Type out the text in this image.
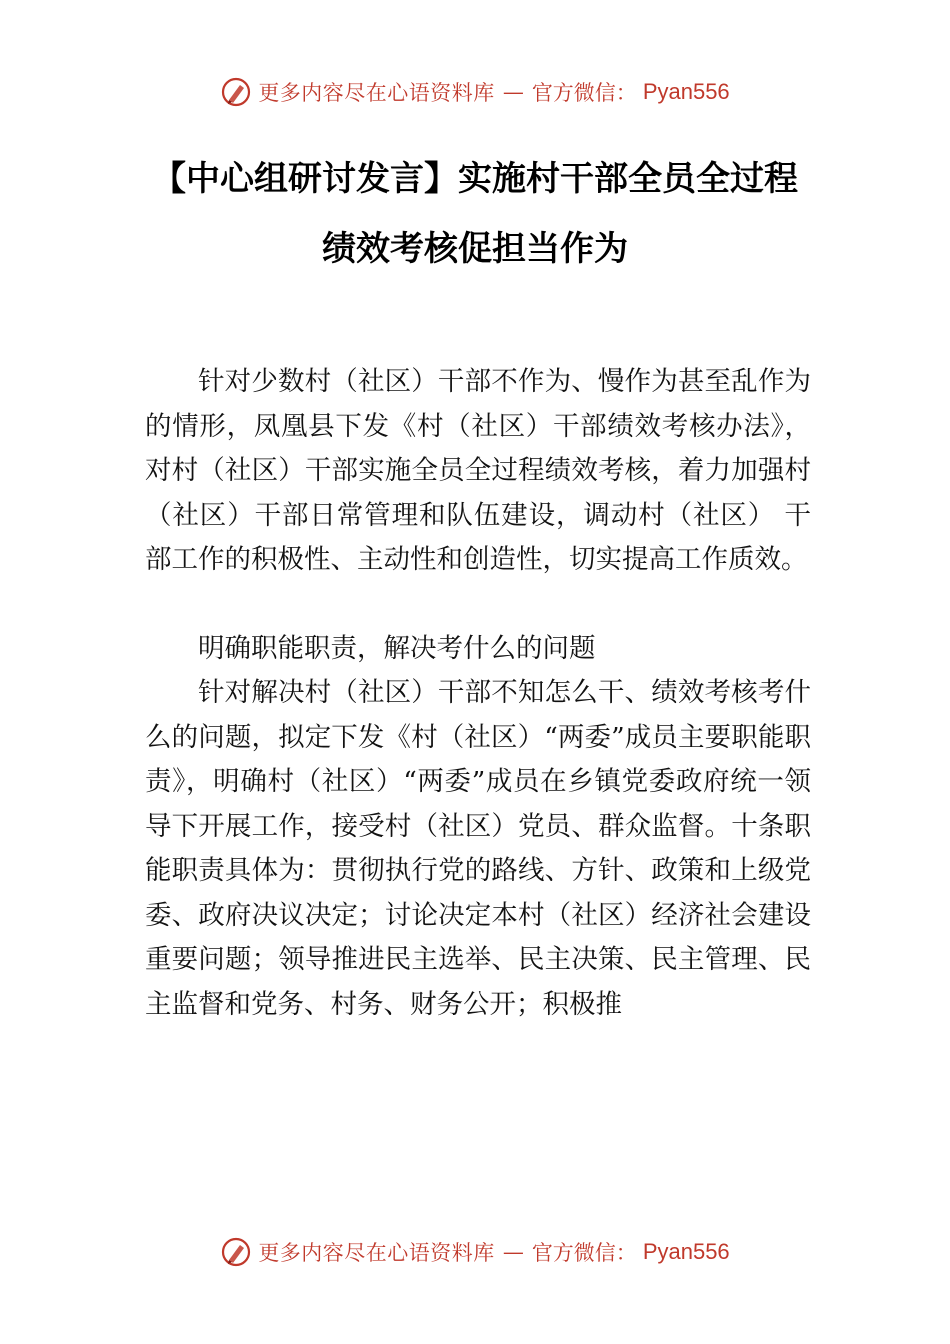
更多内容尽在心语资料库 — 官方微信： Pyan556
【中心组研讨发言】实施村干部全员全过程
绩效考核促担当作为

针对少数村（社区）干部不作为、慢作为甚至乱作为的情形，凤凰县下发《村（社区）干部绩效考核办法》， 对村（社区）干部实施全员全过程绩效考核，着力加强村（社区）干部日常管理和队伍建设，调动村（社区） 干部工作的积极性、主动性和创造性，切实提高工作质效。

明确职能职责，解决考什么的问题

针对解决村（社区）干部不知怎么干、绩效考核考什么的问题，拟定下发《村（社区）“两委”成员主要职能职责》，明确村（社区）“两委”成员在乡镇党委政府统一领导下开展工作，接受村（社区）党员、群众监督。十条职能职责具体为：贯彻执行党的路线、方针、政策和上级党委、政府决议决定；讨论决定本村（社区）经济社会建设重要问题；领导推进民主选举、民主决策、民主管理、民主监督和党务、村务、财务公开；积极推

更多内容尽在心语资料库 — 官方微信： Pyan556
